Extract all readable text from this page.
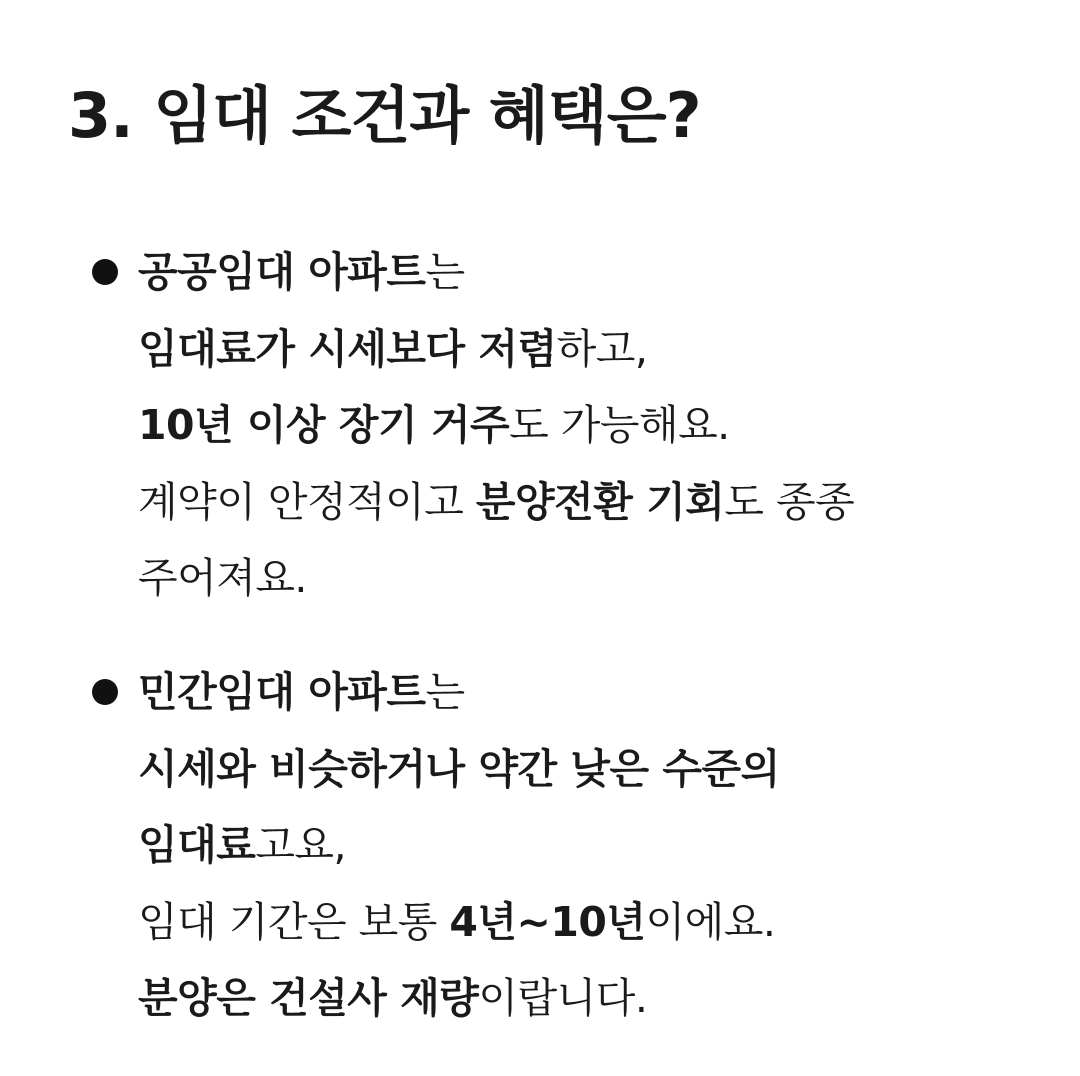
3. 임대 조건과 혜택은?
공공임대 아파트는
임대료가 시세보다 저렴하고,
10년 이상 장기 거주도 가능해요.
계약이 안정적이고 분양전환 기회도 종종
주어져요.
민간임대 아파트는
시세와 비슷하거나 약간 낮은 수준의
임대료고요,
임대 기간은 보통 4년~10년이에요.
분양은 건설사 재량이랍니다.
